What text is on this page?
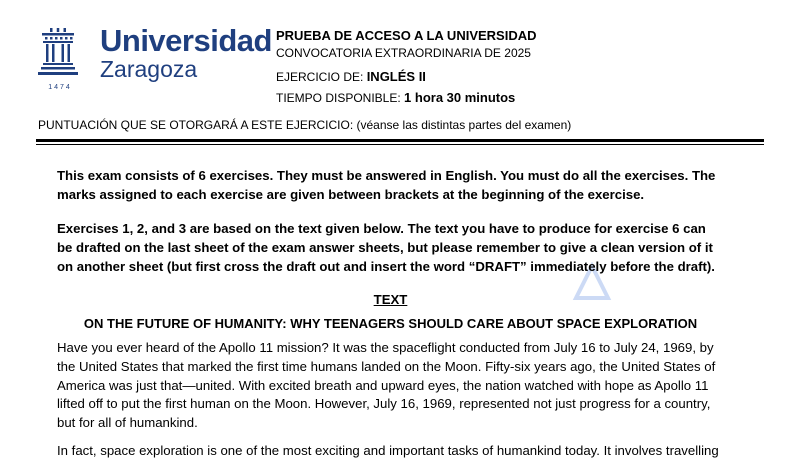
1474
Universidad
Zaragoza
PRUEBA DE ACCESO A LA UNIVERSIDAD
CONVOCATORIA EXTRAORDINARIA DE 2025
EJERCICIO DE: INGLÉS II
TIEMPO DISPONIBLE: 1 hora 30 minutos
PUNTUACIÓN QUE SE OTORGARÁ A ESTE EJERCICIO: (véanse las distintas partes del examen)

This exam consists of 6 exercises. They must be answered in English. You must do all the exercises. The marks assigned to each exercise are given between brackets at the beginning of the exercise.

Exercises 1, 2, and 3 are based on the text given below. The text you have to produce for exercise 6 can be drafted on the last sheet of the exam answer sheets, but please remember to give a clean version of it on another sheet (but first cross the draft out and insert the word “DRAFT” immediately before the draft).

TEXT

ON THE FUTURE OF HUMANITY: WHY TEENAGERS SHOULD CARE ABOUT SPACE EXPLORATION

Have you ever heard of the Apollo 11 mission? It was the spaceflight conducted from July 16 to July 24, 1969, by the United States that marked the first time humans landed on the Moon. Fifty-six years ago, the United States of America was just that—united. With excited breath and upward eyes, the nation watched with hope as Apollo 11 lifted off to put the first human on the Moon. However, July 16, 1969, represented not just progress for a country, but for all of humankind.

In fact, space exploration is one of the most exciting and important tasks of humankind today. It involves travelling
